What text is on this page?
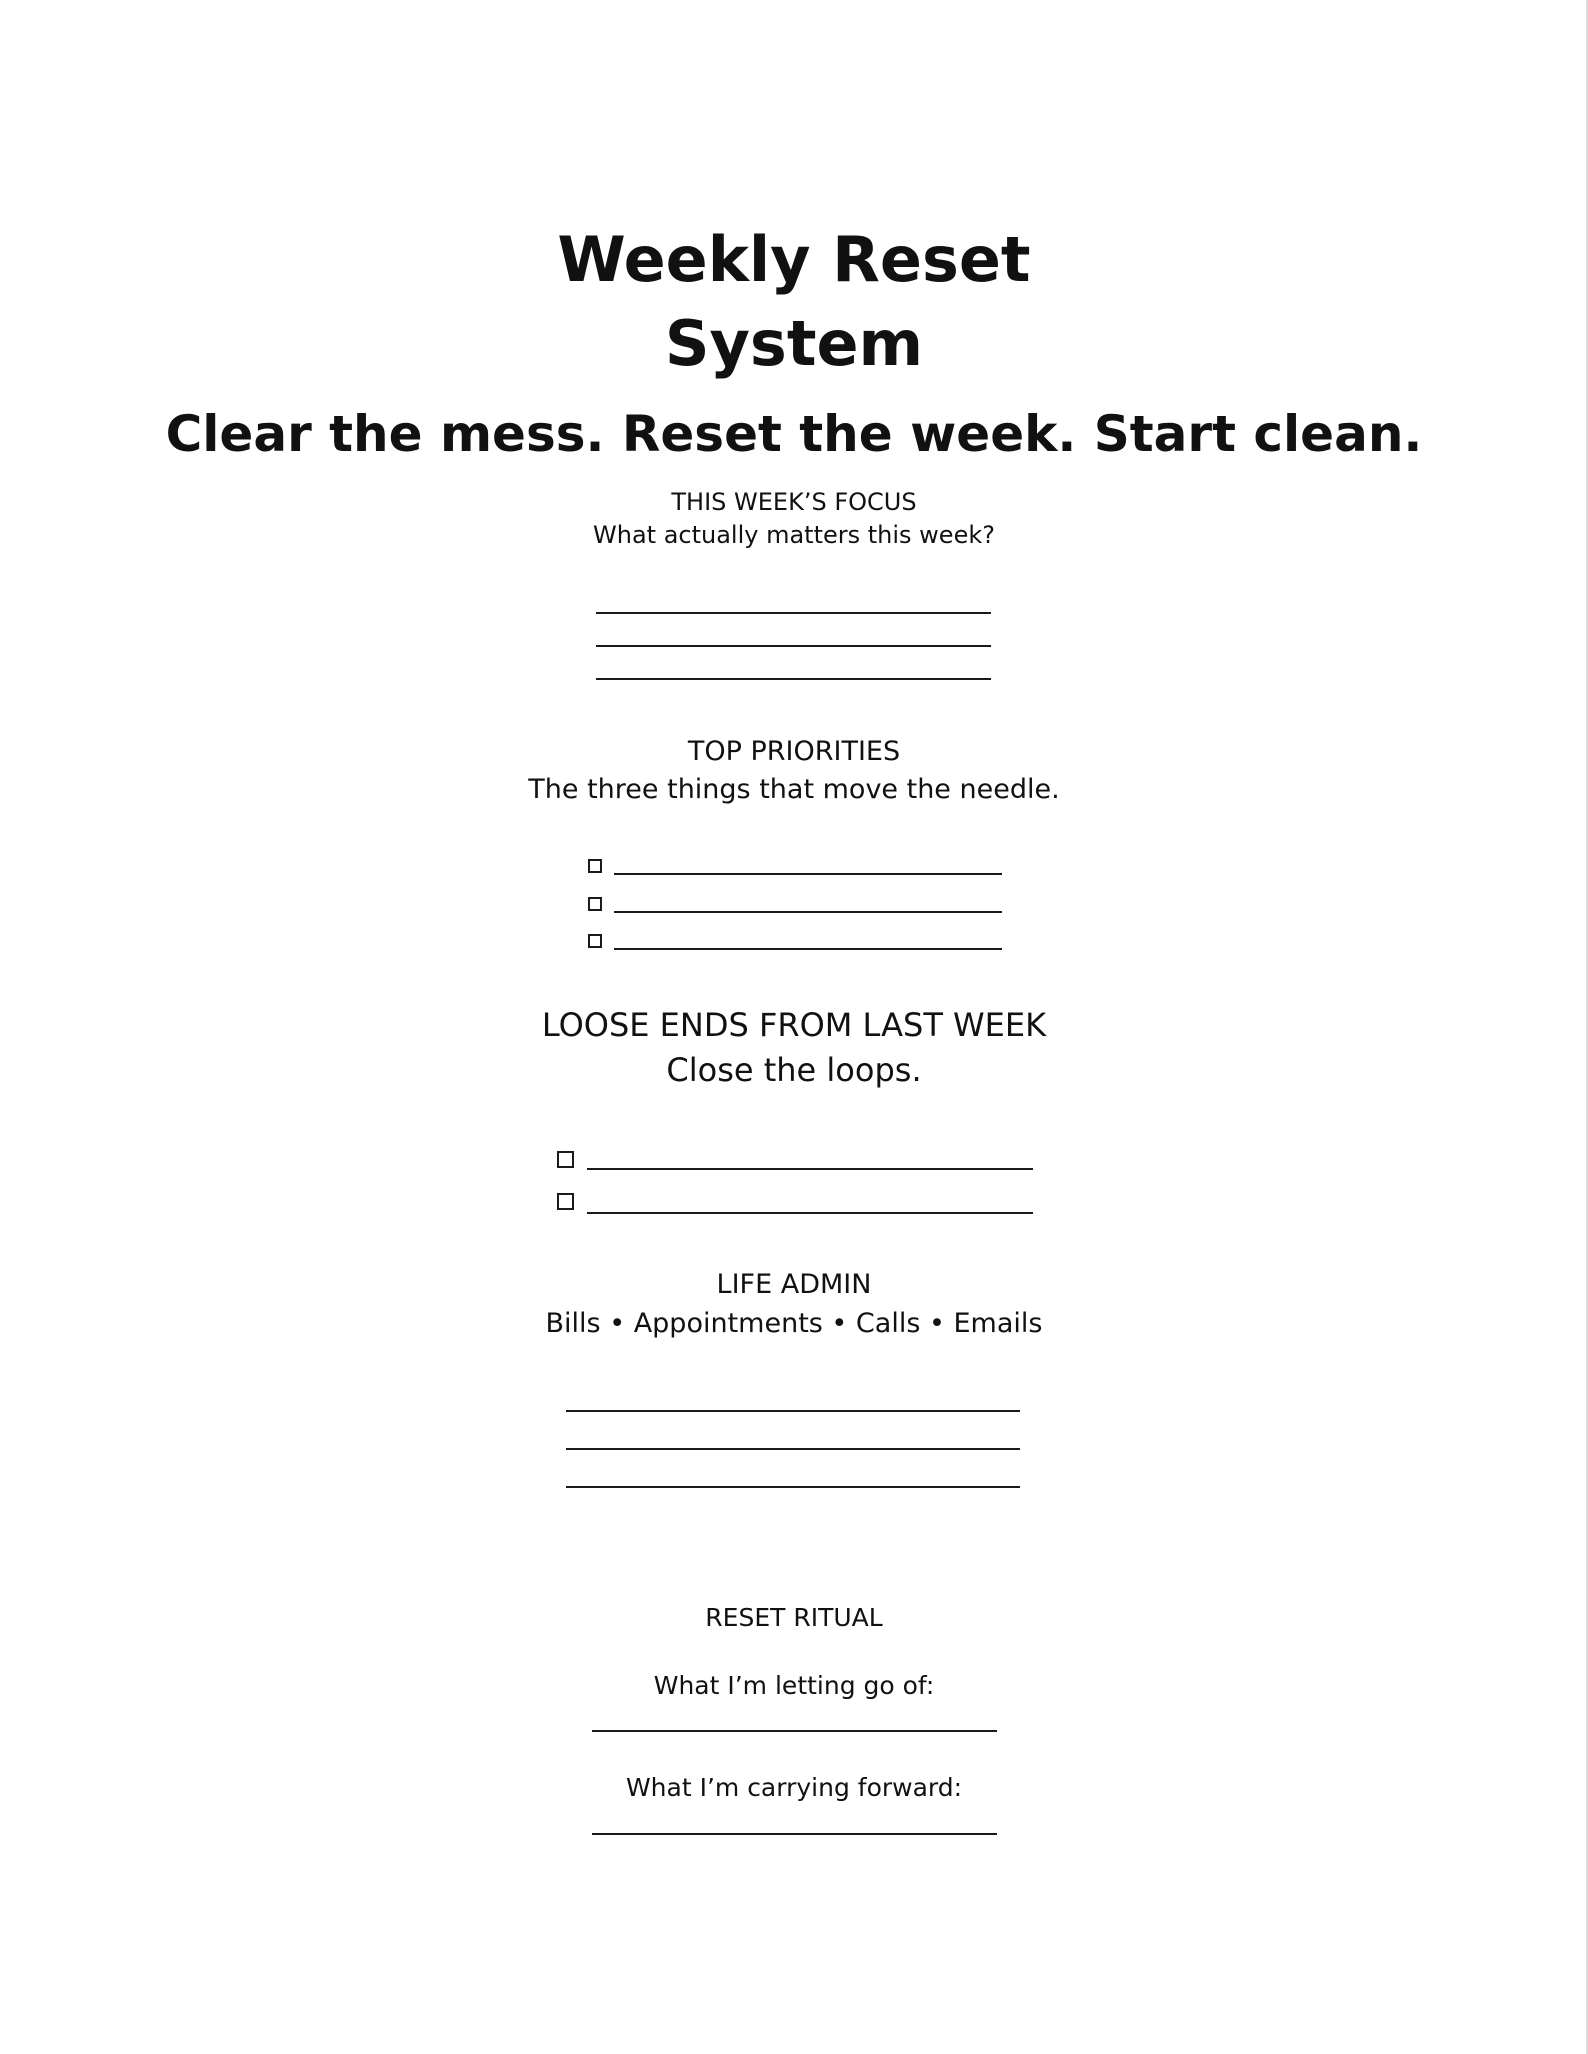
Weekly Reset
System
Clear the mess. Reset the week. Start clean.
THIS WEEK’S FOCUS
What actually matters this week?
TOP PRIORITIES
The three things that move the needle.
LOOSE ENDS FROM LAST WEEK
Close the loops.
LIFE ADMIN
Bills • Appointments • Calls • Emails
RESET RITUAL
What I’m letting go of:
What I’m carrying forward:
